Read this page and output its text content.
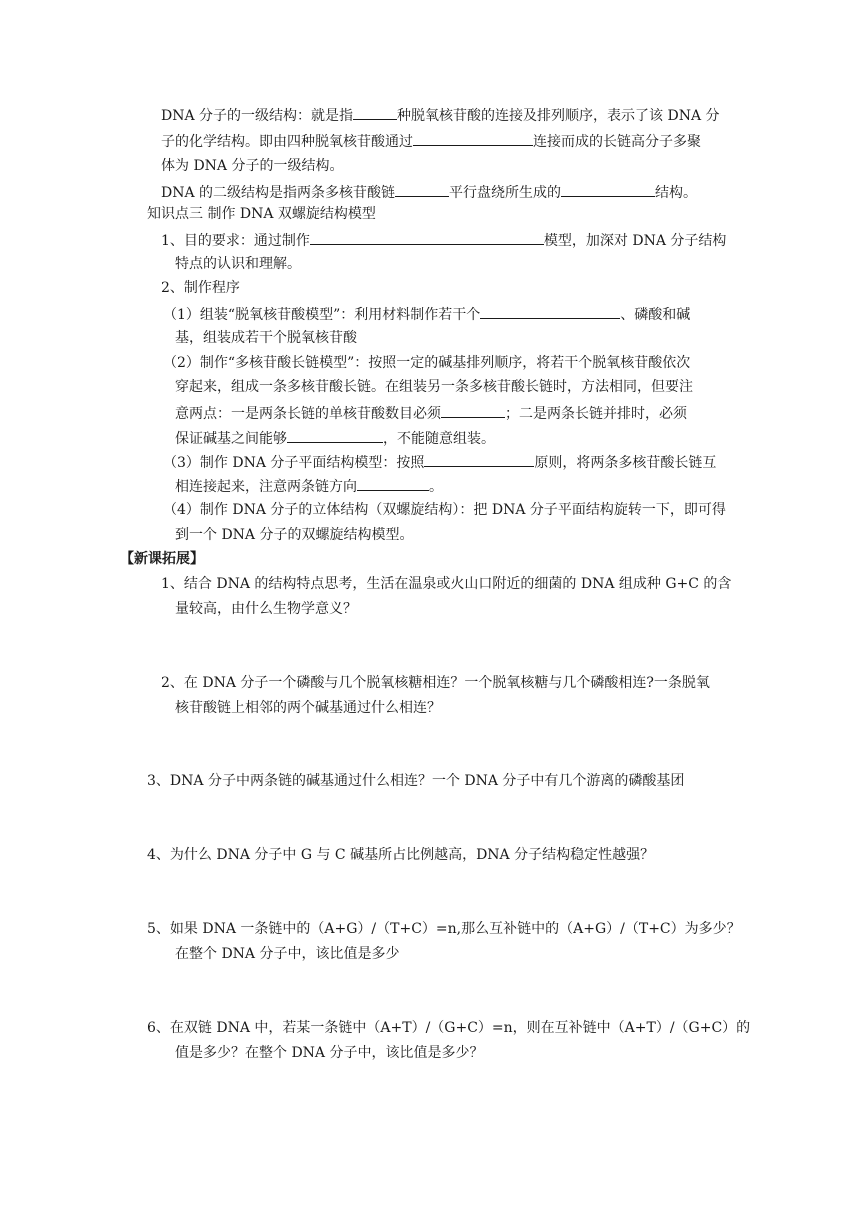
DNA 分子的一级结构：就是指	种脱氧核苷酸的连接及排列顺序，表示了该 DNA 分
子的化学结构。即由四种脱氧核苷酸通过	连接而成的长链高分子多聚
体为 DNA 分子的一级结构。
DNA 的二级结构是指两条多核苷酸链	平行盘绕所生成的	结构。
知识点三 制作 DNA 双螺旋结构模型
1、目的要求：通过制作	模型，加深对 DNA 分子结构
特点的认识和理解。
2、制作程序
（1）组装“脱氧核苷酸模型”：利用材料制作若干个	、磷酸和碱
基，组装成若干个脱氧核苷酸
（2）制作“多核苷酸长链模型”：按照一定的碱基排列顺序，将若干个脱氧核苷酸依次
穿起来，组成一条多核苷酸长链。在组装另一条多核苷酸长链时，方法相同，但要注
意两点：一是两条长链的单核苷酸数目必须	；二是两条长链并排时，必须
保证碱基之间能够	，不能随意组装。
（3）制作 DNA 分子平面结构模型：按照	原则，将两条多核苷酸长链互
相连接起来，注意两条链方向	。
（4）制作 DNA 分子的立体结构（双螺旋结构）：把 DNA 分子平面结构旋转一下，即可得
到一个 DNA 分子的双螺旋结构模型。
【新课拓展】
1、结合 DNA 的结构特点思考，生活在温泉或火山口附近的细菌的 DNA 组成种 G+C 的含
量较高，由什么生物学意义？
2、在 DNA 分子一个磷酸与几个脱氧核糖相连？一个脱氧核糖与几个磷酸相连?一条脱氧
核苷酸链上相邻的两个碱基通过什么相连？
3、DNA 分子中两条链的碱基通过什么相连？一个 DNA 分子中有几个游离的磷酸基团
4、为什么 DNA 分子中 G 与 C 碱基所占比例越高，DNA 分子结构稳定性越强？
5、如果 DNA 一条链中的（A+G）/（T+C）=n,那么互补链中的（A+G）/（T+C）为多少？
在整个 DNA 分子中，该比值是多少
6、在双链 DNA 中，若某一条链中（A+T）/（G+C）=n，则在互补链中（A+T）/（G+C）的
值是多少？在整个 DNA 分子中，该比值是多少？
